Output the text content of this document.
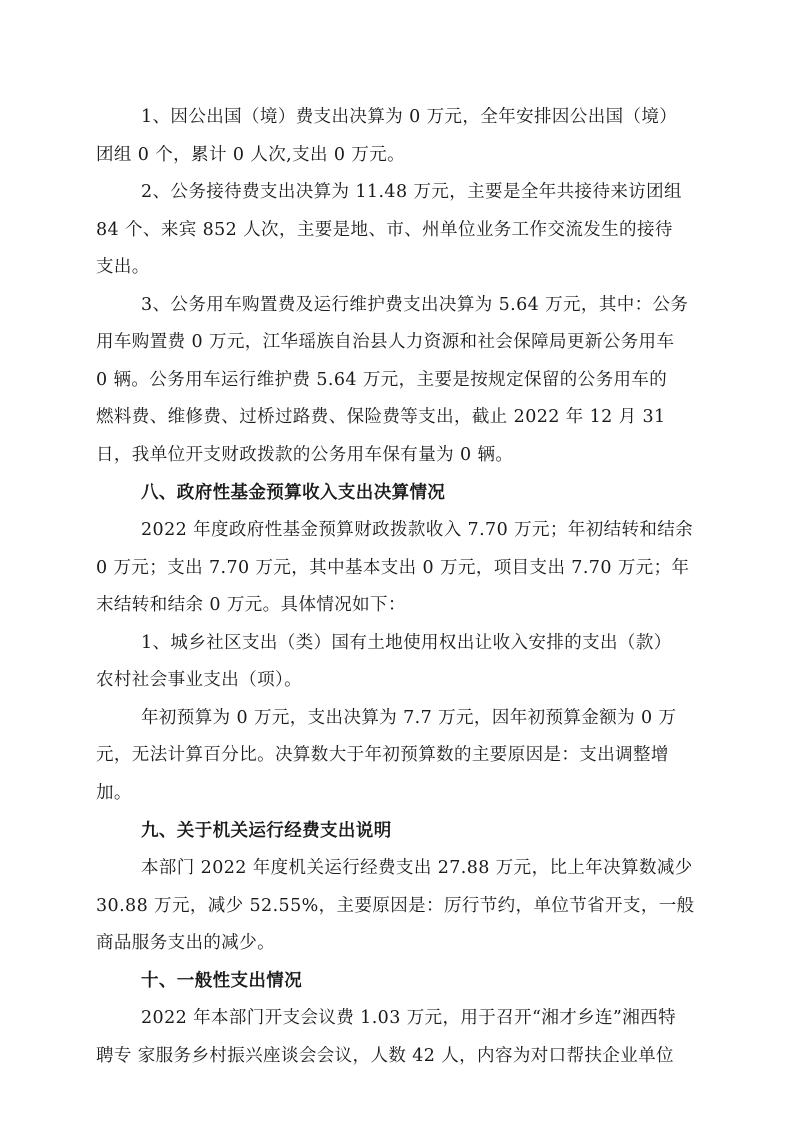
1、因公出国（境）费支出决算为 0 万元，全年安排因公出国（境）
团组 0 个，累计 0 人次,支出 0 万元。
2、公务接待费支出决算为 11.48 万元，主要是全年共接待来访团组
84 个、来宾 852 人次，主要是地、市、州单位业务工作交流发生的接待
支出。
3、公务用车购置费及运行维护费支出决算为 5.64 万元，其中：公务
用车购置费 0 万元，江华瑶族自治县人力资源和社会保障局更新公务用车
0 辆。公务用车运行维护费 5.64 万元，主要是按规定保留的公务用车的
燃料费、维修费、过桥过路费、保险费等支出，截止 2022 年 12 月 31
日，我单位开支财政拨款的公务用车保有量为 0 辆。
八、政府性基金预算收入支出决算情况
2022 年度政府性基金预算财政拨款收入 7.70 万元；年初结转和结余
0 万元；支出 7.70 万元，其中基本支出 0 万元，项目支出 7.70 万元；年
末结转和结余 0 万元。具体情况如下：
1、城乡社区支出（类）国有土地使用权出让收入安排的支出（款）
农村社会事业支出（项）。
年初预算为 0 万元，支出决算为 7.7 万元，因年初预算金额为 0 万
元，无法计算百分比。决算数大于年初预算数的主要原因是：支出调整增
加。
九、关于机关运行经费支出说明
本部门 2022 年度机关运行经费支出 27.88 万元，比上年决算数减少
30.88 万元，减少 52.55%，主要原因是：厉行节约，单位节省开支，一般
商品服务支出的减少。
十、一般性支出情况
2022 年本部门开支会议费 1.03 万元，用于召开“湘才乡连”湘西特
聘专 家服务乡村振兴座谈会会议，人数 42 人，内容为对口帮扶企业单位
